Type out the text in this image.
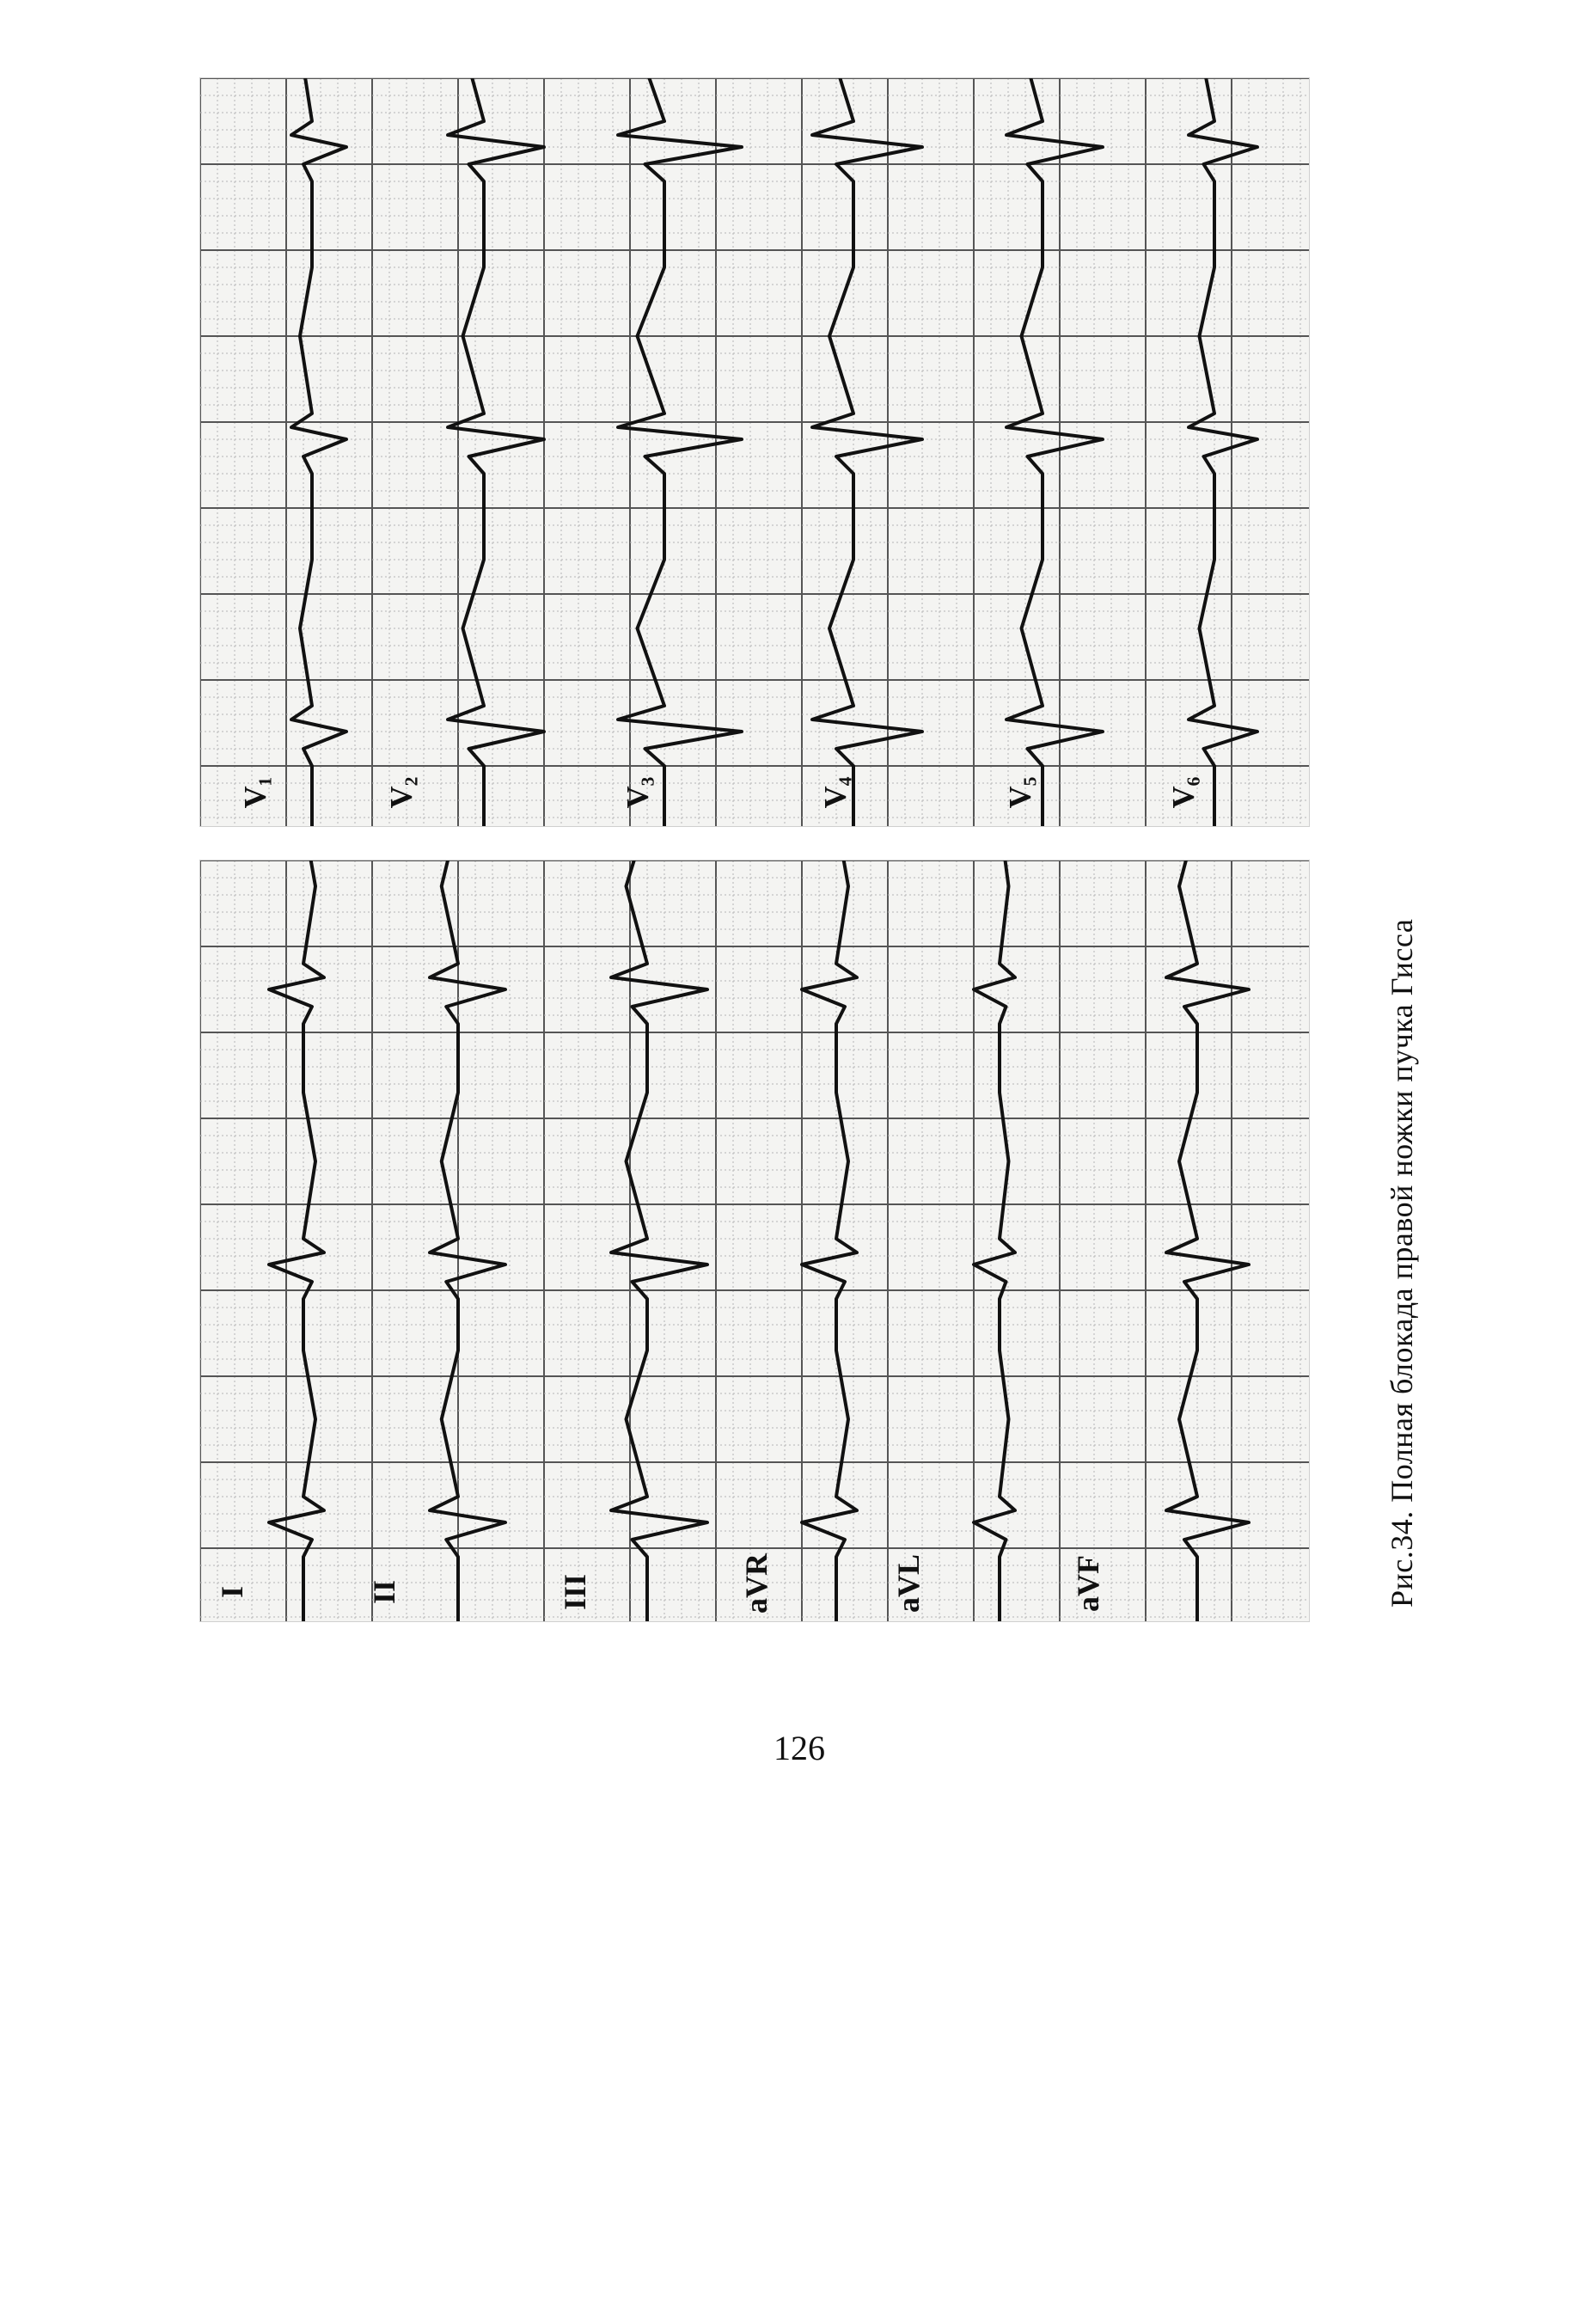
I	II	III	aVR	aVL	aVF
V₁	V₂	V₃	V₄	V₅	V₆
Рис.34. Полная блокада правой ножки пучка Гисса
126
